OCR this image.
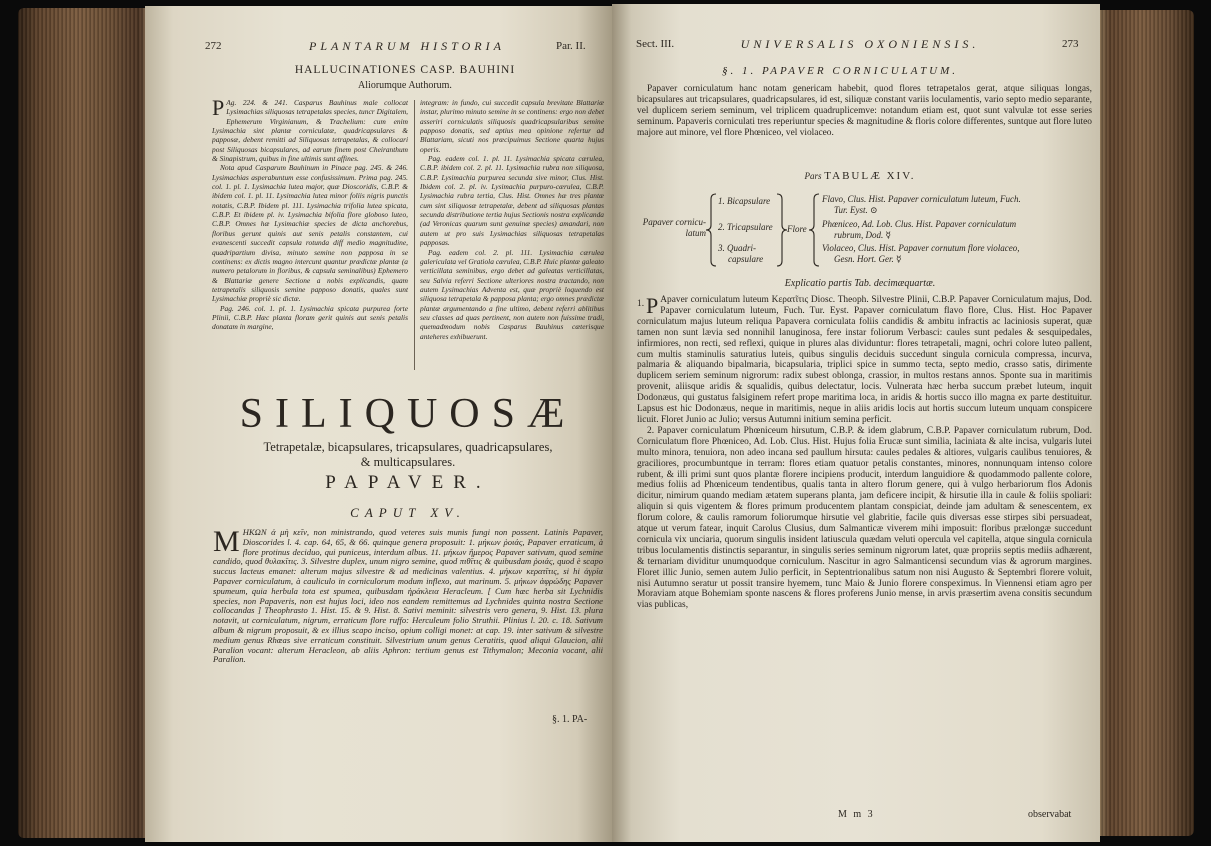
272	PLANTARUM HISTORIA	Par. II.
HALLUCINATIONES CASP. BAUHINI
Aliorumque Authorum.

P Ag. 224. & 241. Casparus Bauhinus male collocat Lysimachias siliquosas tetrapetalas species, tuncr Digitalem, Ephemerum Virginianum, & Trachelium: cum enim Lysimachia sint plantæ corniculatæ, quadricapsulares & papposæ, debent remitti ad Siliquosas tetrapetalas, & collocari post Siliquosas bicapsulares, ad earum finem post Cheiranthum & Sinapistrum, quibus in fine ultimis sunt affines.

Nota apud Casparum Bauhinum in Pinace pag. 245. & 246. Lysimachias asperabuntum esse confusissimum. Prima pag. 245. col. 1. pl. 1. Lysimachia lutea major, quæ Dioscoridis, C.B.P. & ibidem col. 1. pl. 11. Lysimachia lutea minor foliis nigris punctis notatis, C.B.P. Ibidem pl. 111. Lysimachia trifolia lutea spicata, C.B.P. Et ibidem pl. iv. Lysimachia bifolia flore globoso luteo, C.B.P. Omnes hæ Lysimachiæ species de dicta anchorebus, floribus gerunt quinis aut senis petalis constantem, cui evanescenti succedit capsula rotunda diff medio magnitudine, quadripartium divisa, minuto semine non papposa in se continens: ex dictis magno intercunt quantur prædictæ plantæ (a numero petalorum in floribus, & capsula seminalibus) Ephemero & Blattariæ genere Sectione a nobis explicandis, quam tetrapetalis siliquosis semine papposo donatis, quales sunt Lysimachiæ propriè sic dictæ.

Pag. 246. col. 1. pl. 1. Lysimachia spicata purpurea forte Plinii, C.B.P. Hæc planta floram gerit quinis aut senis petalis donatam in margine,

integram: in fundo, cui succedit capsula brevitate Blattariæ instar, plurimo minuto semine in se continens: ergo non debet asseriri corniculatis siliquosis quadricapsularibus semine papposo donatis, sed aptius mea opinione refertur ad Blattariam, sicuti nos præcipuimus Sectione quarta hujus operis.

Pag. eadem col. 1. pl. 11. Lysimachia spicata cærulea, C.B.P. ibidem col. 2. pl. 11. Lysimachia rubra non siliquosa, C.B.P. Lysimachia purpurea secunda sive minor, Clus. Hist. Ibidem col. 2. pl. iv. Lysimachia purpuro-cærulea, C.B.P. Lysimachia rubra tertia, Clus. Hist. Omnes hæ tres plantæ cum sint siliquosæ tetrapetalæ, debent ad siliquosas plantas secunda distributione tertia hujus Sectionis nostra explicanda (ad Veronicas quarum sunt genuinæ species) amandari, non autem ut pro suis Lysimachias siliquosas tetrapetalas papposas.

Pag. eadem col. 2. pl. 111. Lysimachia cærulea galericulata vel Gratiola cærulea, C.B.P. Huic plantæ galeato verticillata seminibus, ergo debet ad galeatas verticillatas, seu Salvia referri Sectione ulteriores nostra tractando, non autem Lysimachias Adventa est, quæ propriè loquendo est siliquosa tetrapetala & papposa planta; ergo omnes prædictæ plantæ argumentando a fine ultimo, debent referri ablitibus seu classes ad quas pertinent, non autem non fuissime tradi, quemadmodum nobis Casparus Bauhinus cæterisque anteheres exhibuerunt.

SILIQUOSÆ
Tetrapetalæ, bicapsulares, tricapsulares, quadricapsulares,
& multicapsulares.
PAPAVER.
CAPUT XV.
MHKΩN ἀ μὴ κεῖν, non ministrando, quod veteres suis munis fungi non possent. Latinis Papaver, Dioscorides l. 4. cap. 64, 65, & 66. quinque genera proposuit: 1. μήκων ῥοιάς, Papaver erraticum, à flore protinus deciduo, qui puniceus, interdum albus. 11. μήκων ἥμερος Papaver sativum, quod semine candido, quod θυλακῖτις. 3. Silvestre duplex, unum nigro semine, quod πιθῖτις & quibusdam ῥοιάς, quod è scapo succus lacteus emanet: alterum majus silvestre & ad medicinas valentius. 4. μήκων κερατῖτις, si hi ἀγρία Papaver corniculatum, à cauliculo in corniculorum modum inflexo, aut marinum. 5. μήκων ἀφρώδης Papaver spumeum, quia herbula tota est spumea, quibusdam ἡράκλεια Heracleum. [ Cum hæc herba sit Lychnidis species, non Papaveris, non est hujus loci, ideo nos eandem remittemus ad Lychnides quinta nostra Sectione collocandas ] Theophrasto 1. Hist. 15. & 9. Hist. 8. Sativi meminit: silvestris vero genera, 9. Hist. 13. plura notavit, ut corniculatum, nigrum, erraticum flore ruffo: Herculeum folio Struthii. Plinius l. 20. c. 18. Sativum album & nigrum proposuit, & ex illius scapo inciso, opium colligi monet: at cap. 19. inter sativum & silvestre medium genus Rhœas sive erraticum constituit. Silvestrium unum genus Ceratitis, quod aliqui Glaucion, alii Paralion vocant: alterum Heracleon, ab aliis Aphron: tertium genus est Tithymalon; Meconia vocant, alii Paralion.
§. 1. PA-
Sect. III.	UNIVERSALIS OXONIENSIS.	273
§. 1. PAPAVER CORNICULATUM.

Papaver corniculatum hanc notam genericam habebit, quod flores tetrapetalos gerat, atque siliquas longas, bicapsulares aut tricapsulares, quadricapsulares, id est, siliquæ constant variis loculamentis, vario septo medio separante, vel duplicem seriem seminum, vel triplicem quadruplicemve: notandum etiam est, quot sunt valvulæ tot esse series seminum. Papaveris corniculati tres reperiuntur species & magnitudine & floris colore differentes, suntque aut flore luteo majore aut minore, vel flore Phœniceo, vel violaceo.

Pars TABULÆ XIV.
Papaver cornicu-
latum
1. Bicapsulare
2. Tricapsulare
3. Quadri-
capsulare
Flore
Flavo, Clus. Hist. Papaver corniculatum luteum, Fuch.
Tur. Eyst. ⊙
Phœniceo, Ad. Lob. Clus. Hist. Papaver corniculatum
rubrum, Dod. ☿
Violaceo, Clus. Hist. Papaver cornutum flore violaceo,
Gesn. Hort. Ger. ☿
Explicatio partis Tab. decimæquartæ.

1. P Apaver corniculatum luteum Κερατῖτις Diosc. Theoph. Silvestre Plinii, C.B.P. Papaver Corniculatum majus, Dod. Papaver corniculatum luteum, Fuch. Tur. Eyst. Papaver corniculatum flavo flore, Clus. Hist. Hoc Papaver corniculatum majus luteum reliqua Papavera corniculata foliis candidis & ambitu infractis ac laciniosis superat, quæ tamen non sunt lævia sed nonnihil lanuginosa, fere instar foliorum Verbasci: caules sunt pedales & sesquipedales, infirmiores, non recti, sed reflexi, quique in plures alas dividuntur: flores tetrapetali, magni, ochri colore luteo pallent, cum multis staminulis saturatius luteis, quibus singulis deciduis succedunt singula cornicula compressa, incurva, palmaria & aliquando bipalmaria, bicapsularia, triplici spice in summo tecta, septo medio, crasso satis, dirimente duplicem seriem seminum nigrorum: radix subest oblonga, crassior, in multos restans annos. Sponte sua in maritimis provenit, aliisque aridis & squalidis, quibus delectatur, locis. Vulnerata hæc herba succum præbet luteum, inquit Dodonæus, qui gustatus falsiginem refert prope maritima loca, in aridis & hortis succo illo magna ex parte destituitur. Lapsus est hic Dodonæus, neque in maritimis, neque in aliis aridis locis aut hortis succum luteum unquam conspicere licuit. Floret Junio ac Julio; versus Autumni initium semina perficit.

2. Papaver corniculatum Phœniceum hirsutum, C.B.P. & idem glabrum, C.B.P. Papaver corniculatum rubrum, Dod. Corniculatum flore Phœniceo, Ad. Lob. Clus. Hist. Hujus folia Erucæ sunt similia, laciniata & alte incisa, vulgaris lutei multo minora, tenuiora, non adeo incana sed paullum hirsuta: caules pedales & altiores, vulgaris caulibus tenuiores, & graciliores, procumbuntque in terram: flores etiam quatuor petalis constantes, minores, nonnunquam intenso colore rubent, & illi primi sunt quos plantæ florere incipiens producit, interdum languidiore & quodammodo pallente colore, medius foliis ad Phœniceum tendentibus, qualis tanta in altero florum genere, qui à vulgo herbariorum flos Adonis dicitur, nimirum quando mediam ætatem superans planta, jam deficere incipit, & hirsutie illa in caule & foliis spoliari: aliquin si quis vigentem & flores primum producentem plantam conspiciat, deinde jam adultam & senescentem, ex florum colore, & caulis ramorum foliorumque hirsutie vel glabritie, facile quis diversas esse stirpes sibi persuadeat, atque ut verum fatear, inquit Carolus Clusius, dum Salmanticæ viverem mihi imposuit: floribus prælongæ succedunt cornicula vix unciaria, quorum singulis insident latiuscula quædam veluti opercula vel capitella, atque singula cornicula tribus loculamentis distinctis separantur, in singulis series seminum nigrorum latet, quæ propriis septis mediis adhærent, & ternariam dividitur unumquodque corniculum. Nascitur in agro Salmanticensi secundum vias & agrorum margines. Floret illic Junio, semen autem Julio perficit, in Septentrionalibus satum non nisi Augusto & Septembri florere voluit, nisi Autumno seratur ut possit transire hyemem, tunc Maio & Junio florere conspeximus. In Viennensi etiam agro per Moraviam atque Bohemiam sponte nascens & flores proferens Junio mense, in arvis præsertim avena consitis secundum vias publicas,

M m 3	observabat
